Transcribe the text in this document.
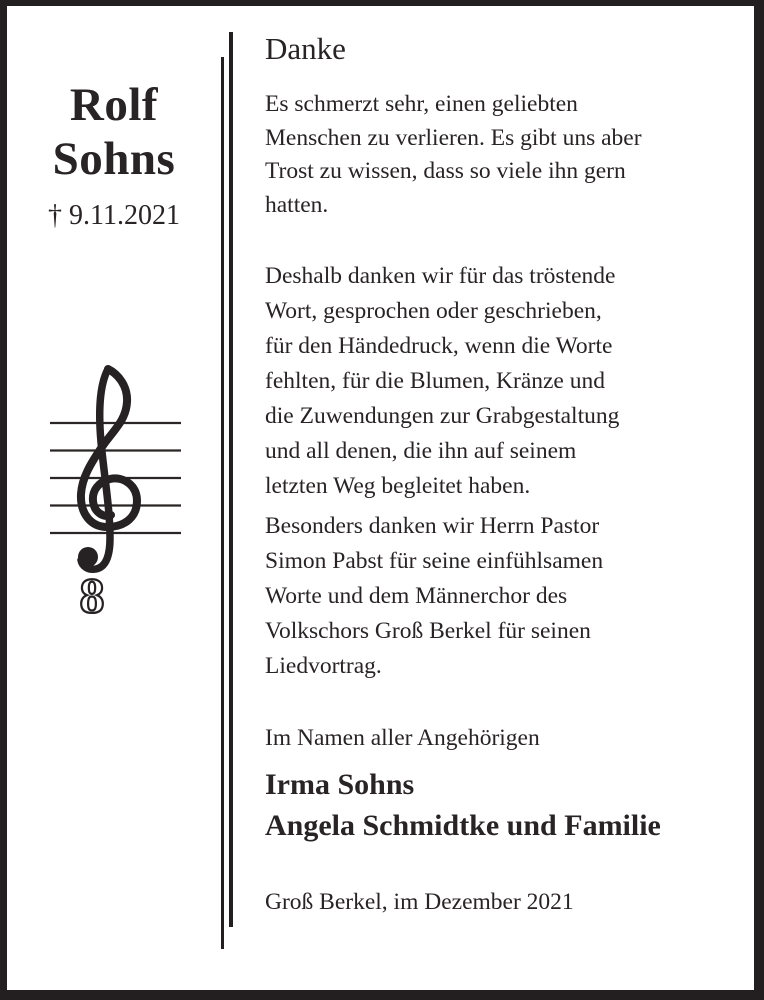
Rolf
Sohns
† 9.11.2021
8
Danke
Es schmerzt sehr, einen geliebten
Menschen zu verlieren. Es gibt uns aber
Trost zu wissen, dass so viele ihn gern
hatten.
Deshalb danken wir für das tröstende
Wort, gesprochen oder geschrieben,
für den Händedruck, wenn die Worte
fehlten, für die Blumen, Kränze und
die Zuwendungen zur Grabgestaltung
und all denen, die ihn auf seinem
letzten Weg begleitet haben.
Besonders danken wir Herrn Pastor
Simon Pabst für seine einfühlsamen
Worte und dem Männerchor des
Volkschors Groß Berkel für seinen
Liedvortrag.
Im Namen aller Angehörigen
Irma Sohns
Angela Schmidtke und Familie
Groß Berkel, im Dezember 2021
